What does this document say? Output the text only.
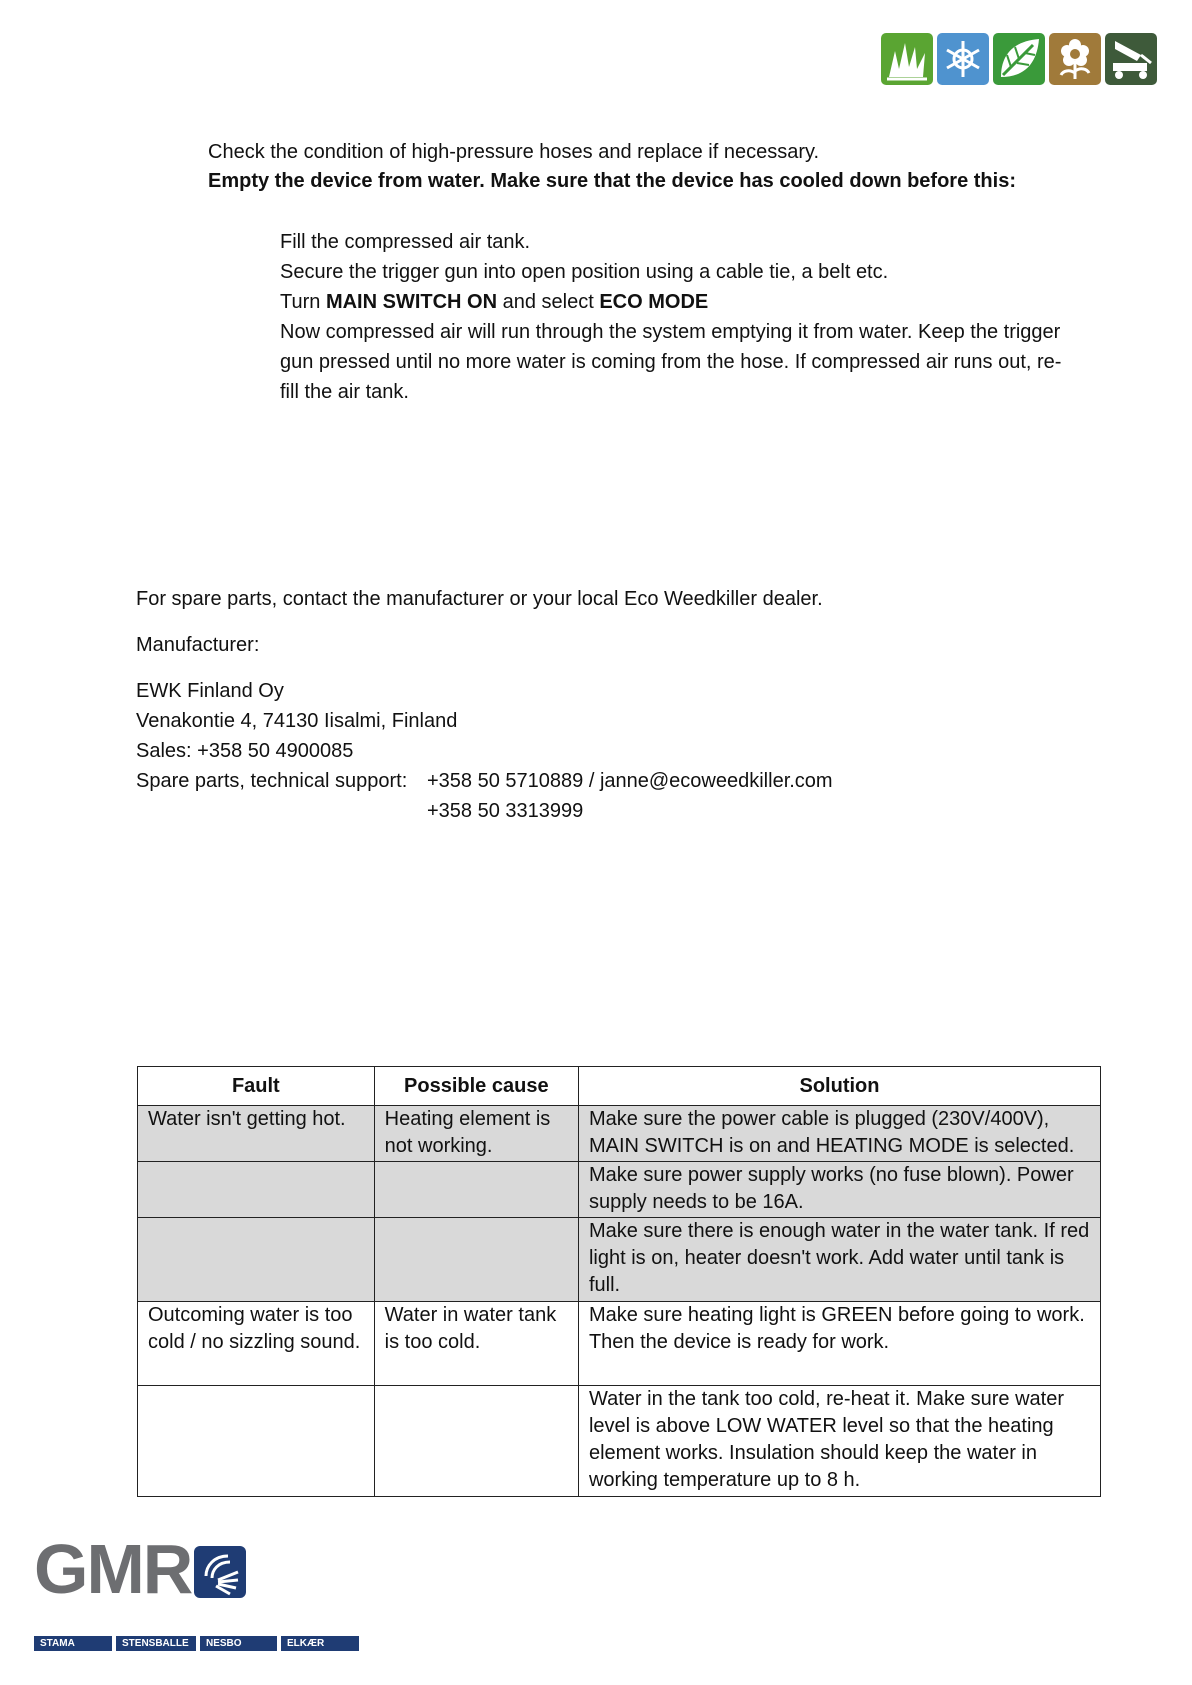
Check the condition of high-pressure hoses and replace if necessary.
Empty the device from water. Make sure that the device has cooled down before this:
Fill the compressed air tank.
Secure the trigger gun into open position using a cable tie, a belt etc.
Turn MAIN SWITCH ON and select ECO MODE
Now compressed air will run through the system emptying it from water. Keep the trigger
gun pressed until no more water is coming from the hose. If compressed air runs out, re-
fill the air tank.
For spare parts, contact the manufacturer or your local Eco Weedkiller dealer.
Manufacturer:
EWK Finland Oy
Venakontie 4, 74130 Iisalmi, Finland
Sales: +358 50 4900085
Spare parts, technical support: +358 50 5710889 / janne@ecoweedkiller.com
+358 50 3313999
Fault	Possible cause	Solution
Water isn't getting hot.	Heating element is not working.	Make sure the power cable is plugged (230V/400V), MAIN SWITCH is on and HEATING MODE is selected.
		Make sure power supply works (no fuse blown). Power supply needs to be 16A.
		Make sure there is enough water in the water tank. If red light is on, heater doesn't work. Add water until tank is full.
Outcoming water is too cold / no sizzling sound.	Water in water tank is too cold.	Make sure heating light is GREEN before going to work. Then the device is ready for work.
		Water in the tank too cold, re-heat it. Make sure water level is above LOW WATER level so that the heating element works. Insulation should keep the water in working temperature up to 8 h.
GMR
STAMA	STENSBALLE	NESBO	ELKÆR
